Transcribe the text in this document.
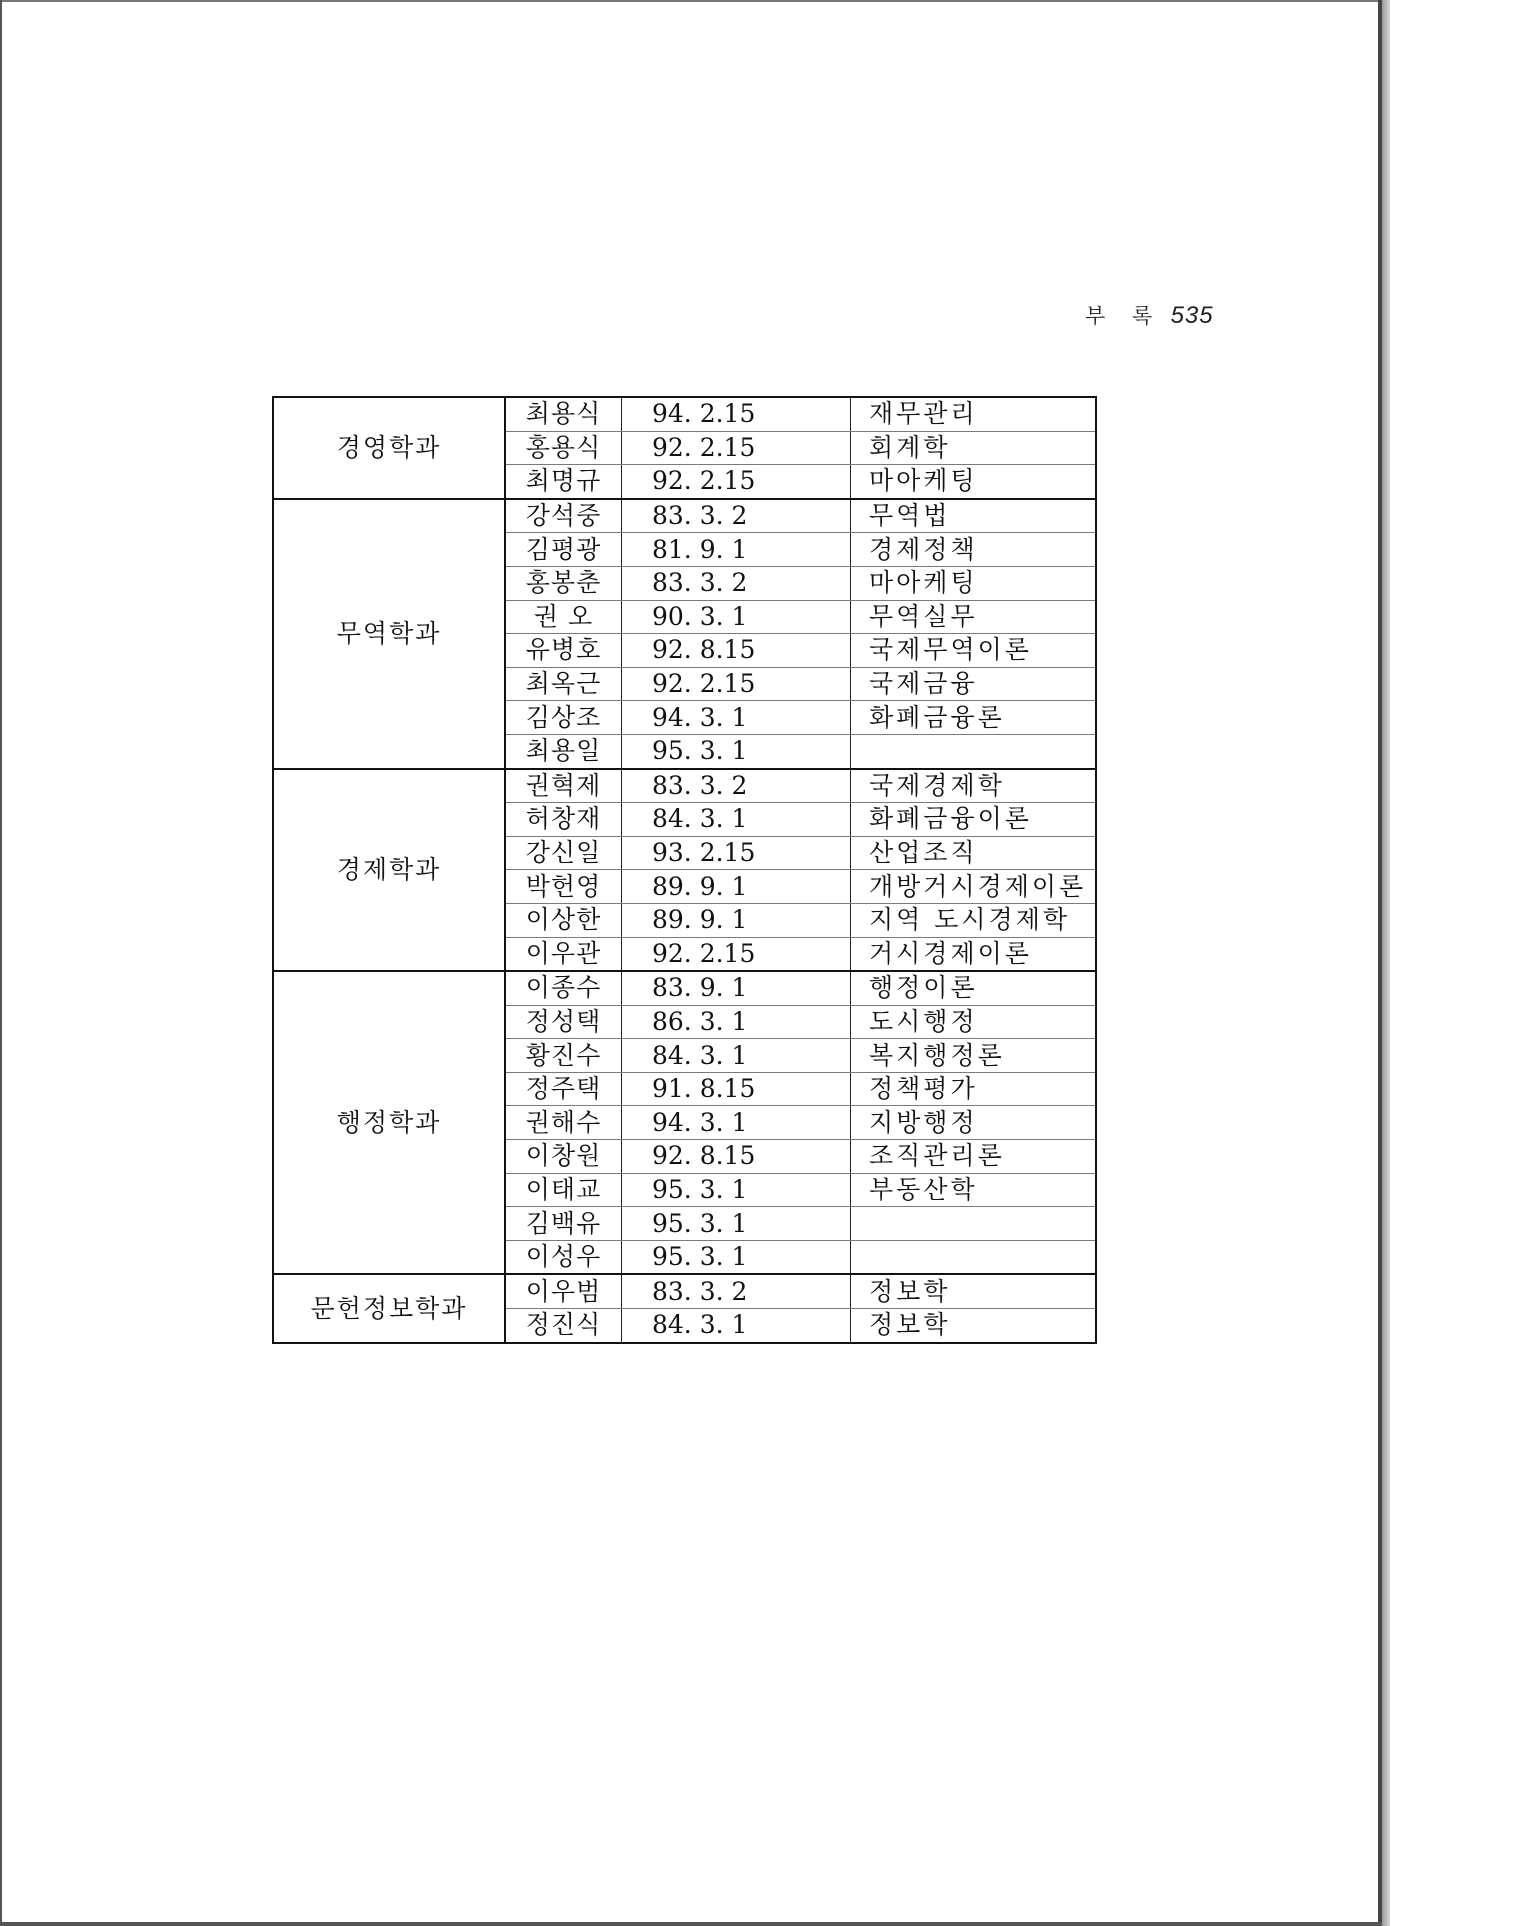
부 록 535
경영학과	최용식	94. 2.15	재무관리
	홍용식	92. 2.15	회계학
	최명규	92. 2.15	마아케팅
무역학과	강석중	83. 3. 2	무역법
	김평광	81. 9. 1	경제정책
	홍봉춘	83. 3. 2	마아케팅
	권 오	90. 3. 1	무역실무
	유병호	92. 8.15	국제무역이론
	최옥근	92. 2.15	국제금융
	김상조	94. 3. 1	화폐금융론
	최용일	95. 3. 1	
경제학과	권혁제	83. 3. 2	국제경제학
	허창재	84. 3. 1	화폐금융이론
	강신일	93. 2.15	산업조직
	박헌영	89. 9. 1	개방거시경제이론
	이상한	89. 9. 1	지역 도시경제학
	이우관	92. 2.15	거시경제이론
행정학과	이종수	83. 9. 1	행정이론
	정성택	86. 3. 1	도시행정
	황진수	84. 3. 1	복지행정론
	정주택	91. 8.15	정책평가
	권해수	94. 3. 1	지방행정
	이창원	92. 8.15	조직관리론
	이태교	95. 3. 1	부동산학
	김백유	95. 3. 1	
	이성우	95. 3. 1	
문헌정보학과	이우범	83. 3. 2	정보학
	정진식	84. 3. 1	정보학
